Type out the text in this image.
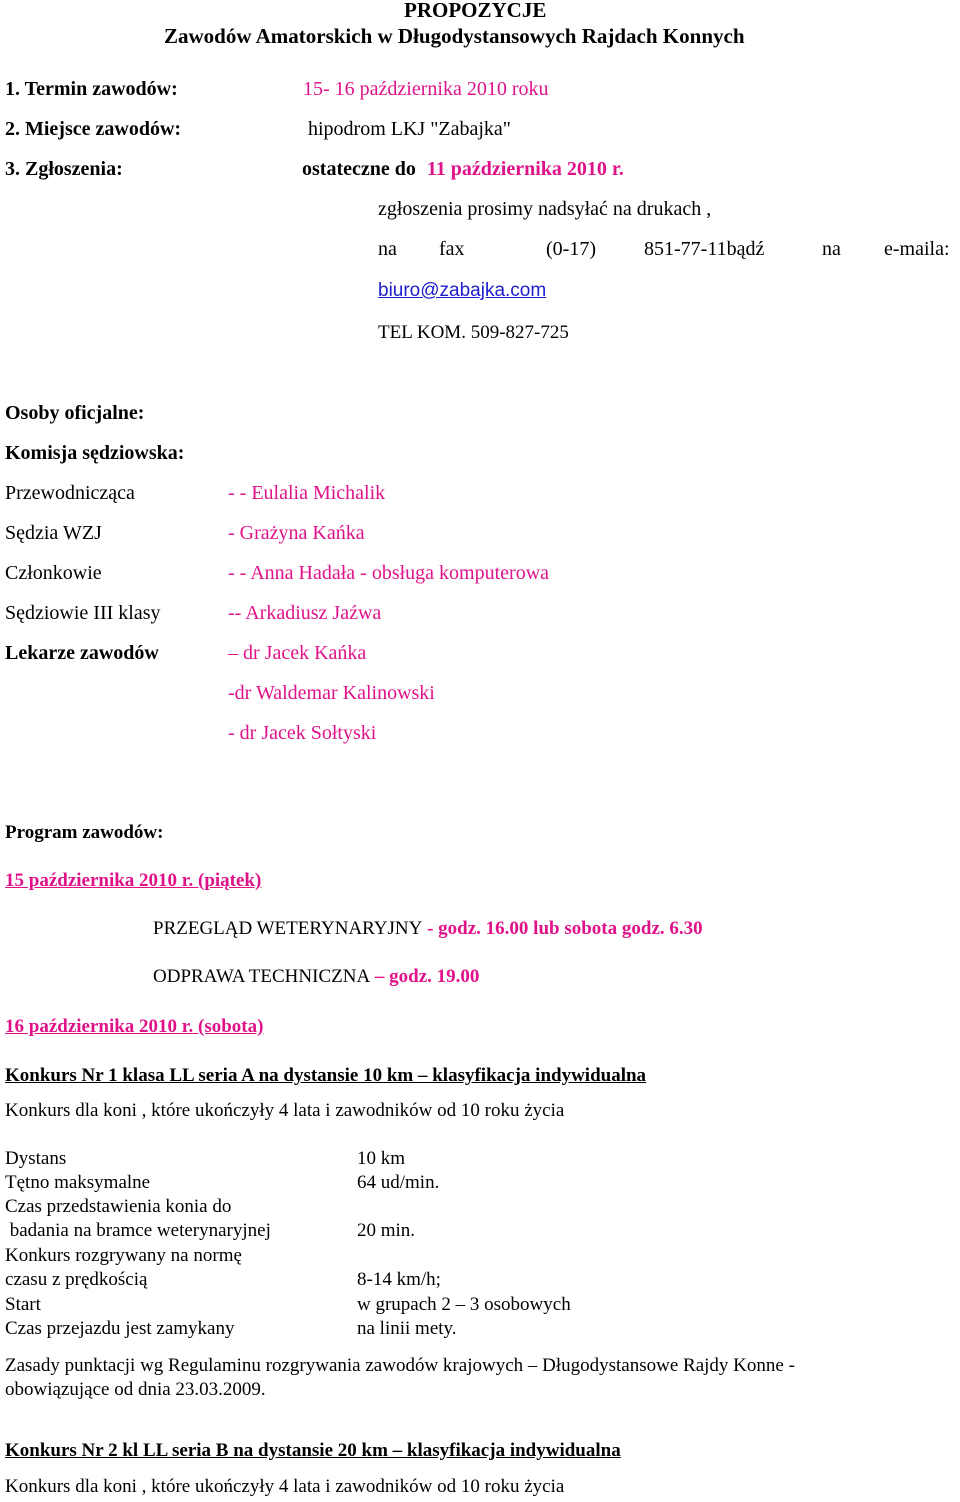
PROPOZYCJE
Zawodów Amatorskich w Długodystansowych Rajdach Konnych
1. Termin zawodów:	15- 16 października 2010 roku
2. Miejsce zawodów:	hipodrom LKJ "Zabajka"
3. Zgłoszenia:	ostateczne do 11 października 2010 r.
zgłoszenia prosimy nadsyłać na drukach ,
na fax	(0-17) 851-77-11bądź	na e-maila:
biuro@zabajka.com
TEL KOM. 509-827-725
Osoby oficjalne:
Komisja sędziowska:
Przewodnicząca	- - Eulalia Michalik
Sędzia WZJ	- Grażyna Kańka
Członkowie	- - Anna Hadała - obsługa komputerowa
Sędziowie III klasy	-- Arkadiusz Jaźwa
Lekarze zawodów	– dr Jacek Kańka
-dr Waldemar Kalinowski
- dr Jacek Sołtyski
Program zawodów:
15 października 2010 r. (piątek)
PRZEGLĄD WETERYNARYJNY - godz. 16.00 lub sobota godz. 6.30
ODPRAWA TECHNICZNA – godz. 19.00
16 października 2010 r. (sobota)
Konkurs Nr 1 klasa LL seria A na dystansie 10 km – klasyfikacja indywidualna
Konkurs dla koni , które ukończyły 4 lata i zawodników od 10 roku życia
Dystans	10 km
Tętno maksymalne	64 ud/min.
Czas przedstawienia konia do
badania na bramce weterynaryjnej	20 min.
Konkurs rozgrywany na normę
czasu z prędkością	8-14 km/h;
Start	w grupach 2 – 3 osobowych
Czas przejazdu jest zamykany	na linii mety.
Zasady punktacji wg Regulaminu rozgrywania zawodów krajowych – Długodystansowe Rajdy Konne -
obowiązujące od dnia 23.03.2009.
Konkurs Nr 2 kl LL seria B na dystansie 20 km – klasyfikacja indywidualna
Konkurs dla koni , które ukończyły 4 lata i zawodników od 10 roku życia
